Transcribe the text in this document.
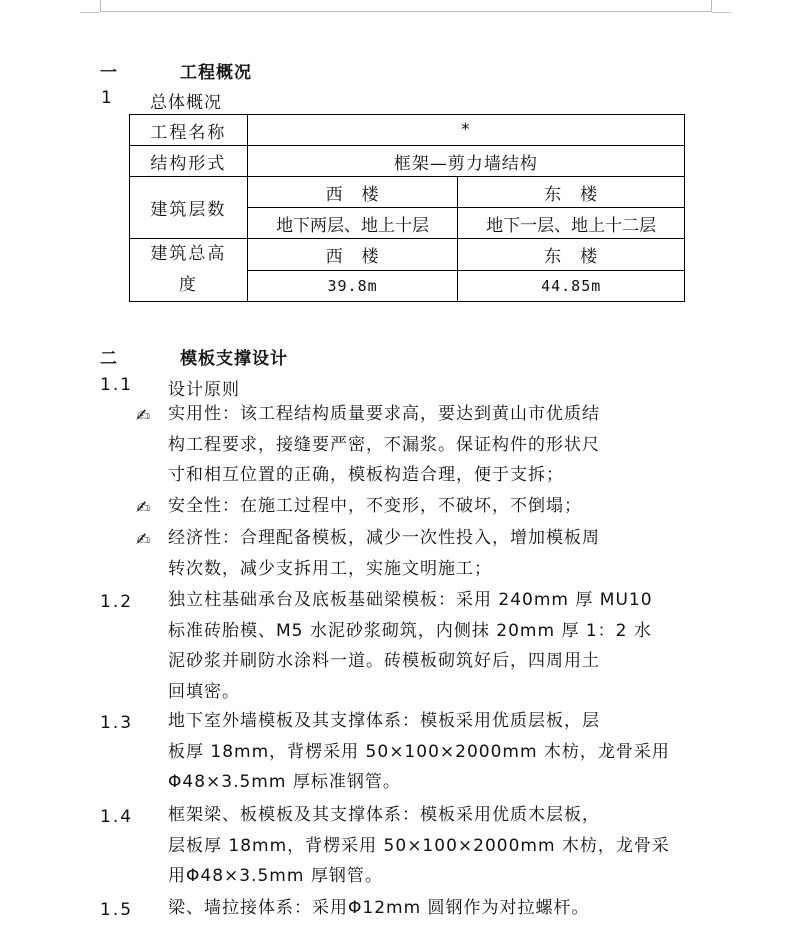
一	工程概况
1 总体概况
工程名称	*	
结构形式	框架—剪力墙结构	
建筑层数	西　楼	东　楼
	地下两层、地上十层	地下一层、地上十二层
建筑总高
度	西　楼	东　楼
	39.8m	44.85m
二	模板支撑设计
1.1 设计原则
✍ 实用性：该工程结构质量要求高，要达到黄山市优质结
构工程要求，接缝要严密，不漏浆。保证构件的形状尺
寸和相互位置的正确，模板构造合理，便于支拆；
✍ 安全性：在施工过程中，不变形，不破坏，不倒塌；
✍ 经济性：合理配备模板，减少一次性投入，增加模板周
转次数，减少支拆用工，实施文明施工；
1.2 独立柱基础承台及底板基础梁模板：采用 240mm 厚 MU10
标准砖胎模、M5 水泥砂浆砌筑，内侧抹 20mm 厚 1：2 水
泥砂浆并刷防水涂料一道。砖模板砌筑好后，四周用土
回填密。
1.3 地下室外墙模板及其支撑体系：模板采用优质层板，层
板厚 18mm，背楞采用 50×100×2000mm 木枋，龙骨采用
Φ48×3.5mm 厚标准钢管。
1.4 框架梁、板模板及其支撑体系：模板采用优质木层板，
层板厚 18mm，背楞采用 50×100×2000mm 木枋，龙骨采
用Φ48×3.5mm 厚钢管。
1.5 梁、墙拉接体系：采用Φ12mm 圆钢作为对拉螺杆。
